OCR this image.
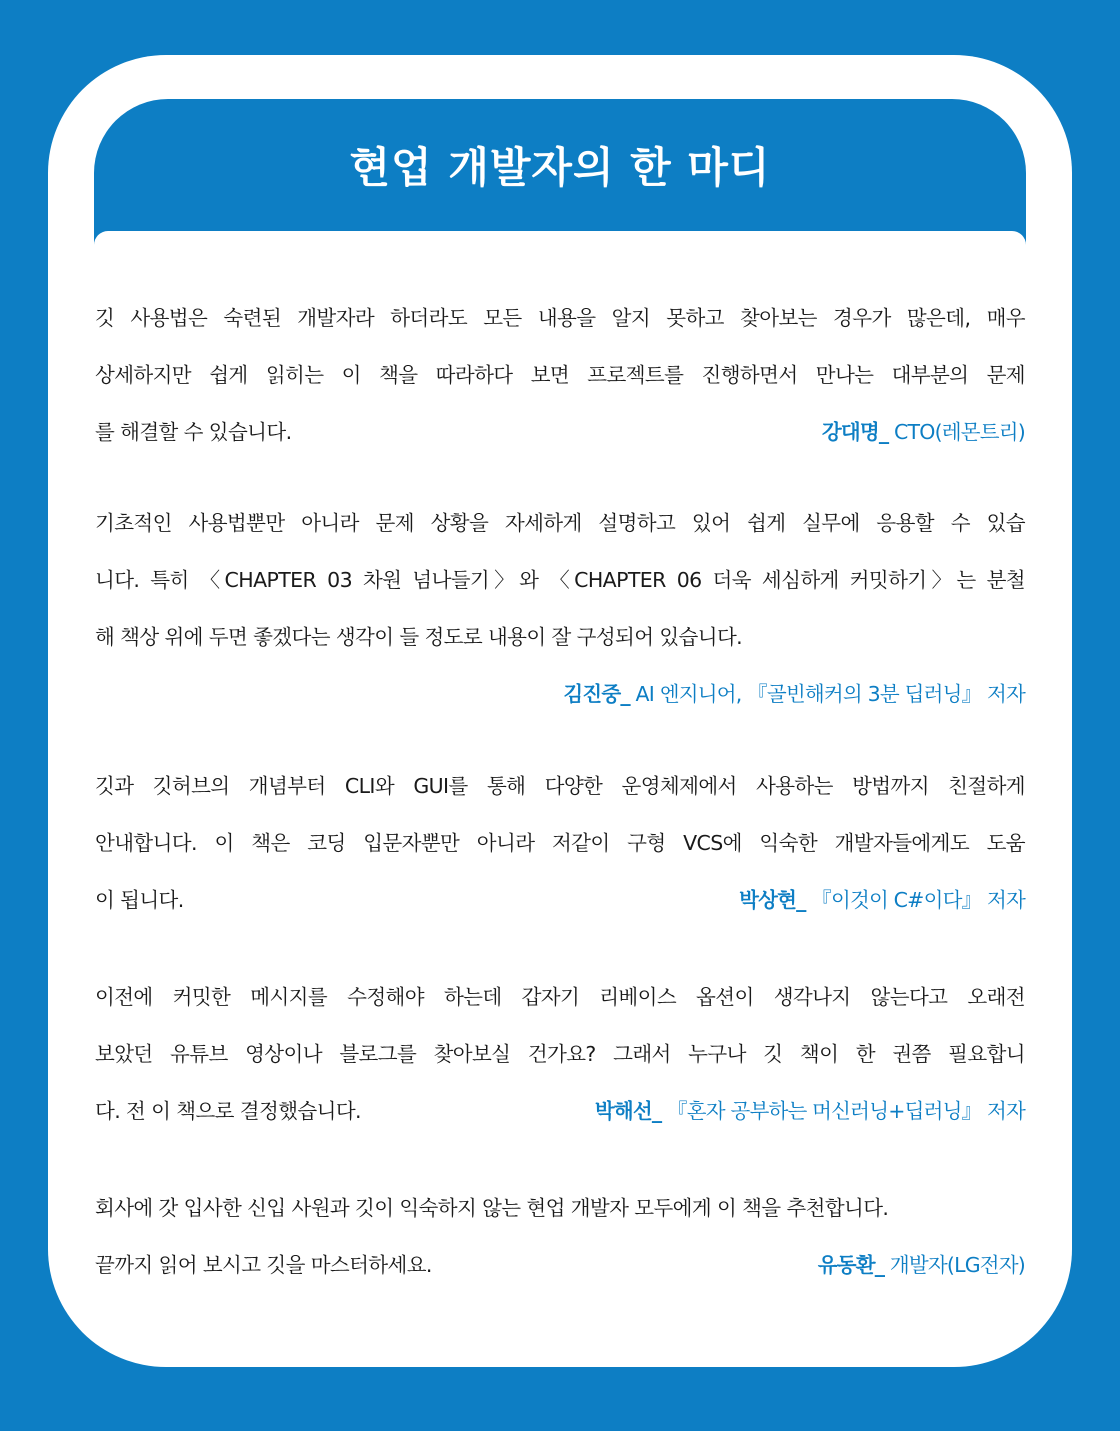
현업 개발자의 한 마디
깃 사용법은 숙련된 개발자라 하더라도 모든 내용을 알지 못하고 찾아보는 경우가 많은데, 매우
상세하지만 쉽게 읽히는 이 책을 따라하다 보면 프로젝트를 진행하면서 만나는 대부분의 문제
를 해결할 수 있습니다.	강대명_ CTO(레몬트리)
기초적인 사용법뿐만 아니라 문제 상황을 자세하게 설명하고 있어 쉽게 실무에 응용할 수 있습
니다. 특히 〈CHAPTER 03 차원 넘나들기〉와 〈CHAPTER 06 더욱 세심하게 커밋하기〉는 분철
해 책상 위에 두면 좋겠다는 생각이 들 정도로 내용이 잘 구성되어 있습니다.
김진중_ AI 엔지니어, 『골빈해커의 3분 딥러닝』 저자
깃과 깃허브의 개념부터 CLI와 GUI를 통해 다양한 운영체제에서 사용하는 방법까지 친절하게
안내합니다. 이 책은 코딩 입문자뿐만 아니라 저같이 구형 VCS에 익숙한 개발자들에게도 도움
이 됩니다.	박상현_ 『이것이 C#이다』 저자
이전에 커밋한 메시지를 수정해야 하는데 갑자기 리베이스 옵션이 생각나지 않는다고 오래전
보았던 유튜브 영상이나 블로그를 찾아보실 건가요? 그래서 누구나 깃 책이 한 권쯤 필요합니
다. 전 이 책으로 결정했습니다.	박해선_ 『혼자 공부하는 머신러닝+딥러닝』 저자
회사에 갓 입사한 신입 사원과 깃이 익숙하지 않는 현업 개발자 모두에게 이 책을 추천합니다.
끝까지 읽어 보시고 깃을 마스터하세요.	유동환_ 개발자(LG전자)
